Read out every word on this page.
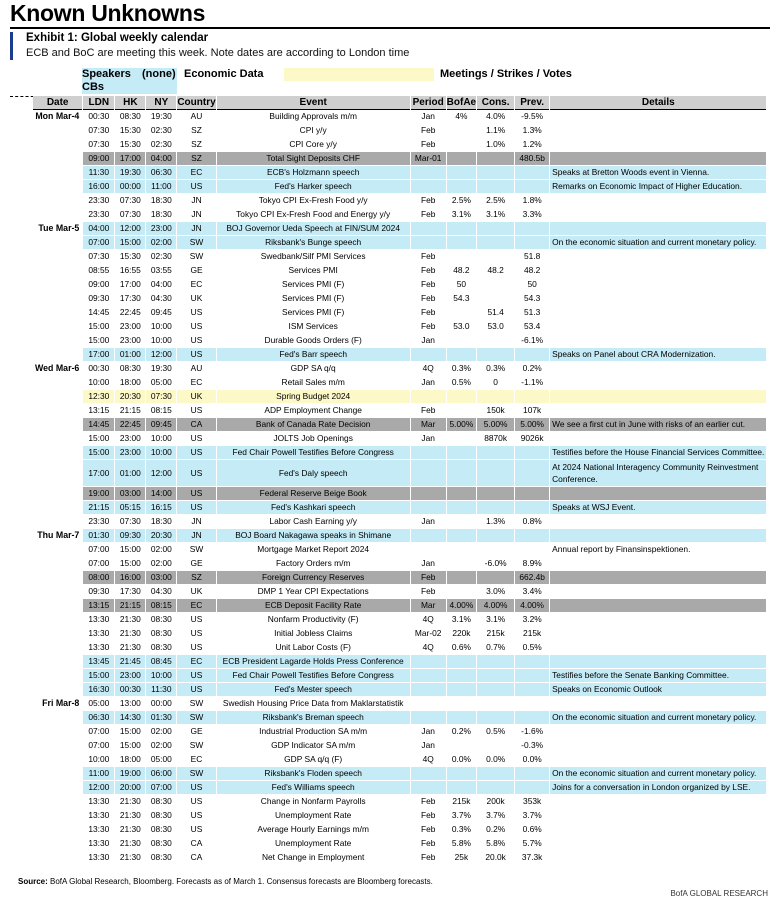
Known Unknowns
Exhibit 1: Global weekly calendar
ECB and BoC are meeting this week. Note dates are according to London time
Speakers	(none) Economic Data	Meetings / Strikes / Votes
CBs
Date	LDN	HK	NY	Country	Event	Period	BofAe	Cons.	Prev.	Details
Mon Mar-4	00:30	08:30	19:30	AU	Building Approvals m/m	Jan	4%	4.0%	-9.5%	
	07:30	15:30	02:30	SZ	CPI y/y	Feb		1.1%	1.3%	
	07:30	15:30	02:30	SZ	CPI Core y/y	Feb		1.0%	1.2%	
	09:00	17:00	04:00	SZ	Total Sight Deposits CHF	Mar-01			480.5b	
	11:30	19:30	06:30	EC	ECB's Holzmann speech					Speaks at Bretton Woods event in Vienna.
	16:00	00:00	11:00	US	Fed's Harker speech					Remarks on Economic Impact of Higher Education.
	23:30	07:30	18:30	JN	Tokyo CPI Ex-Fresh Food y/y	Feb	2.5%	2.5%	1.8%	
	23:30	07:30	18:30	JN	Tokyo CPI Ex-Fresh Food and Energy y/y	Feb	3.1%	3.1%	3.3%	
Tue Mar-5	04:00	12:00	23:00	JN	BOJ Governor Ueda Speech at FIN/SUM 2024					
	07:00	15:00	02:00	SW	Riksbank's Bunge speech					On the economic situation and current monetary policy.
	07:30	15:30	02:30	SW	Swedbank/Silf PMI Services	Feb			51.8	
	08:55	16:55	03:55	GE	Services PMI	Feb	48.2	48.2	48.2	
	09:00	17:00	04:00	EC	Services PMI (F)	Feb	50		50	
	09:30	17:30	04:30	UK	Services PMI (F)	Feb	54.3		54.3	
	14:45	22:45	09:45	US	Services PMI (F)	Feb		51.4	51.3	
	15:00	23:00	10:00	US	ISM Services	Feb	53.0	53.0	53.4	
	15:00	23:00	10:00	US	Durable Goods Orders (F)	Jan			-6.1%	
	17:00	01:00	12:00	US	Fed's Barr speech					Speaks on Panel about CRA Modernization.
Wed Mar-6	00:30	08:30	19:30	AU	GDP SA q/q	4Q	0.3%	0.3%	0.2%	
	10:00	18:00	05:00	EC	Retail Sales m/m	Jan	0.5%	0	-1.1%	
	12:30	20:30	07:30	UK	Spring Budget 2024					
	13:15	21:15	08:15	US	ADP Employment Change	Feb		150k	107k	
	14:45	22:45	09:45	CA	Bank of Canada Rate Decision	Mar	5.00%	5.00%	5.00%	We see a first cut in June with risks of an earlier cut.
	15:00	23:00	10:00	US	JOLTS Job Openings	Jan		8870k	9026k	
	15:00	23:00	10:00	US	Fed Chair Powell Testifies Before Congress					Testifies before the House Financial Services Committee.
	17:00	01:00	12:00	US	Fed's Daly speech					At 2024 National Interagency Community Reinvestment Conference.
	19:00	03:00	14:00	US	Federal Reserve Beige Book					
	21:15	05:15	16:15	US	Fed's Kashkari speech					Speaks at WSJ Event.
	23:30	07:30	18:30	JN	Labor Cash Earning y/y	Jan		1.3%	0.8%	
Thu Mar-7	01:30	09:30	20:30	JN	BOJ Board Nakagawa speaks in Shimane					
	07:00	15:00	02:00	SW	Mortgage Market Report 2024					Annual report by Finansinspektionen.
	07:00	15:00	02:00	GE	Factory Orders m/m	Jan		-6.0%	8.9%	
	08:00	16:00	03:00	SZ	Foreign Currency Reserves	Feb			662.4b	
	09:30	17:30	04:30	UK	DMP 1 Year CPI Expectations	Feb		3.0%	3.4%	
	13:15	21:15	08:15	EC	ECB Deposit Facility Rate	Mar	4.00%	4.00%	4.00%	
	13:30	21:30	08:30	US	Nonfarm Productivity (F)	4Q	3.1%	3.1%	3.2%	
	13:30	21:30	08:30	US	Initial Jobless Claims	Mar-02	220k	215k	215k	
	13:30	21:30	08:30	US	Unit Labor Costs (F)	4Q	0.6%	0.7%	0.5%	
	13:45	21:45	08:45	EC	ECB President Lagarde Holds Press Conference					
	15:00	23:00	10:00	US	Fed Chair Powell Testifies Before Congress					Testifies before the Senate Banking Committee.
	16:30	00:30	11:30	US	Fed's Mester speech					Speaks on Economic Outlook
Fri Mar-8	05:00	13:00	00:00	SW	Swedish Housing Price Data from Maklarstatistik					
	06:30	14:30	01:30	SW	Riksbank's Breman speech					On the economic situation and current monetary policy.
	07:00	15:00	02:00	GE	Industrial Production SA m/m	Jan	0.2%	0.5%	-1.6%	
	07:00	15:00	02:00	SW	GDP Indicator SA m/m	Jan			-0.3%	
	10:00	18:00	05:00	EC	GDP SA q/q (F)	4Q	0.0%	0.0%	0.0%	
	11:00	19:00	06:00	SW	Riksbank's Floden speech					On the economic situation and current monetary policy.
	12:00	20:00	07:00	US	Fed's Williams speech					Joins for a conversation in London organized by LSE.
	13:30	21:30	08:30	US	Change in Nonfarm Payrolls	Feb	215k	200k	353k	
	13:30	21:30	08:30	US	Unemployment Rate	Feb	3.7%	3.7%	3.7%	
	13:30	21:30	08:30	US	Average Hourly Earnings m/m	Feb	0.3%	0.2%	0.6%	
	13:30	21:30	08:30	CA	Unemployment Rate	Feb	5.8%	5.8%	5.7%	
	13:30	21:30	08:30	CA	Net Change in Employment	Feb	25k	20.0k	37.3k	
Source: BofA Global Research, Bloomberg. Forecasts as of March 1. Consensus forecasts are Bloomberg forecasts.
BofA GLOBAL RESEARCH
